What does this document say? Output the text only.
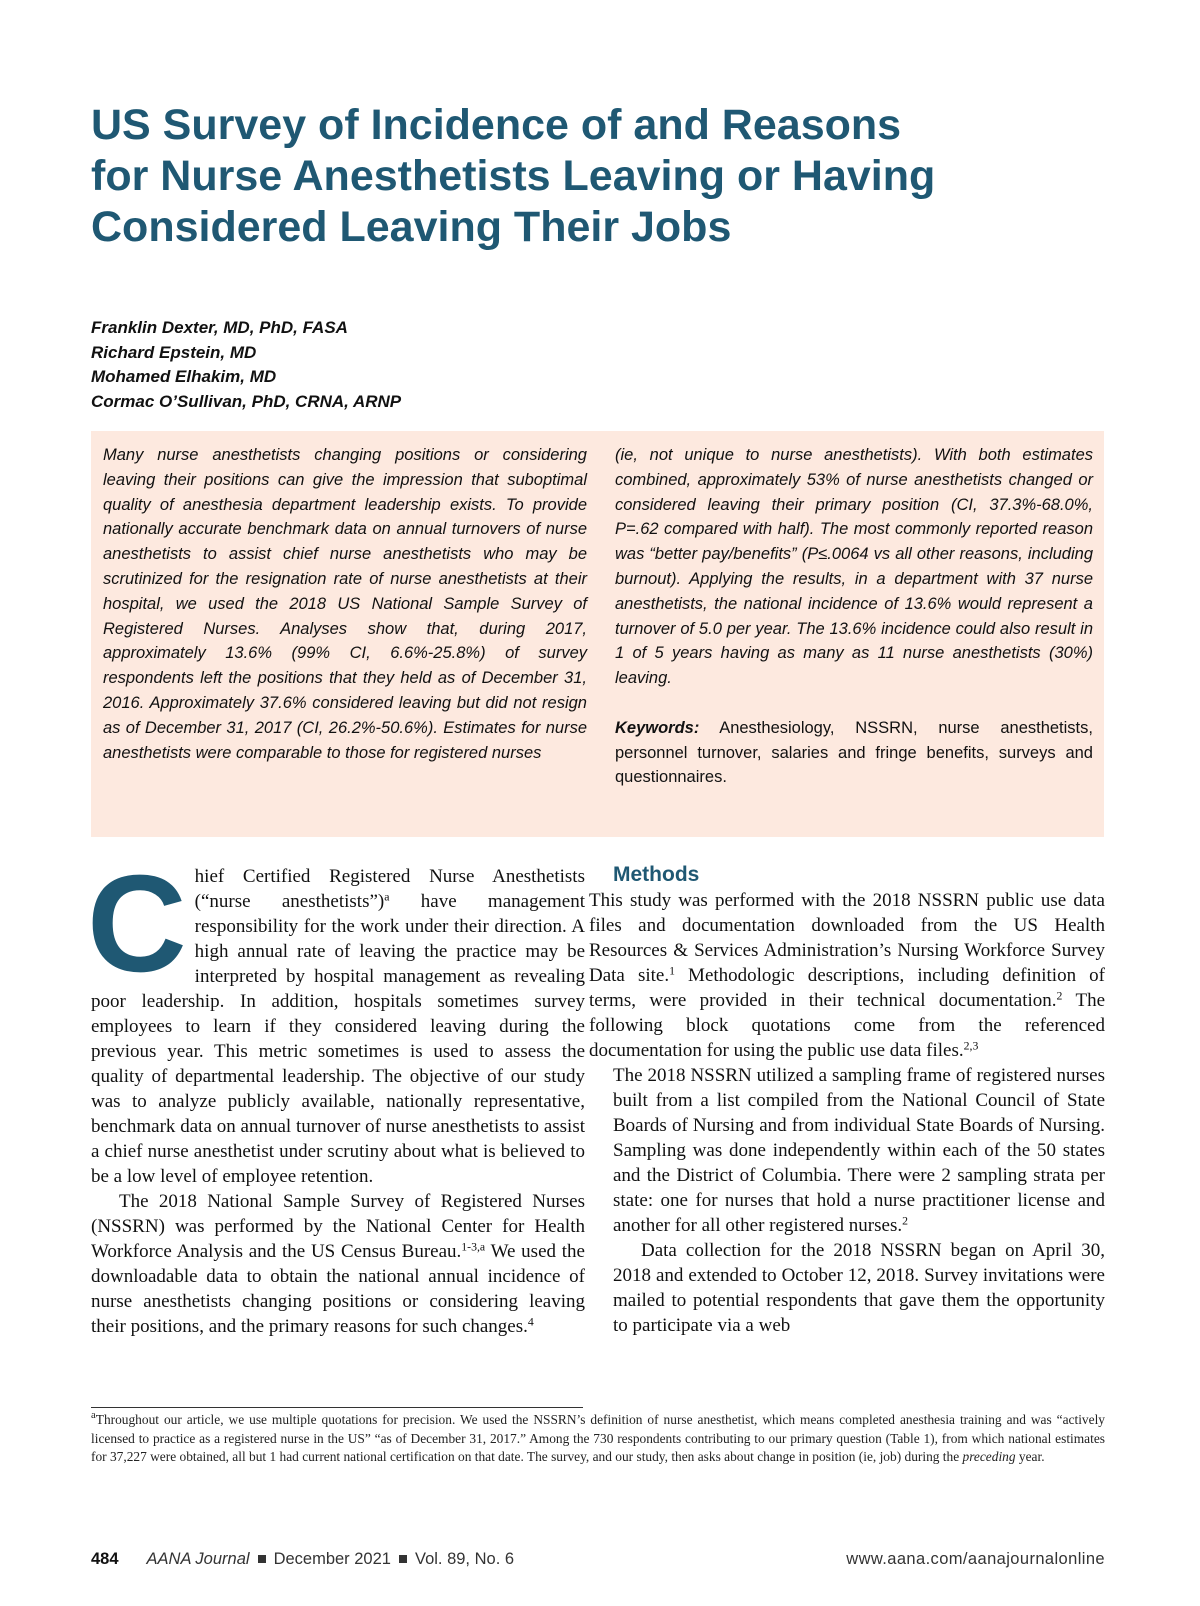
US Survey of Incidence of and Reasons
for Nurse Anesthetists Leaving or Having
Considered Leaving Their Jobs
Franklin Dexter, MD, PhD, FASA
Richard Epstein, MD
Mohamed Elhakim, MD
Cormac O’Sullivan, PhD, CRNA, ARNP

Many nurse anesthetists changing positions or considering leaving their positions can give the impression that suboptimal quality of anesthesia department leadership exists. To provide nationally accurate benchmark data on annual turnovers of nurse anesthetists to assist chief nurse anesthetists who may be scrutinized for the resignation rate of nurse anesthetists at their hospital, we used the 2018 US National Sample Survey of Registered Nurses. Analyses show that, during 2017, approximately 13.6% (99% CI, 6.6%-25.8%) of survey respondents left the positions that they held as of December 31, 2016. Approximately 37.6% considered leaving but did not resign as of December 31, 2017 (CI, 26.2%-50.6%). Estimates for nurse anesthetists were comparable to those for registered nurses

(ie, not unique to nurse anesthetists). With both estimates combined, approximately 53% of nurse anesthetists changed or considered leaving their primary position (CI, 37.3%-68.0%, P=.62 compared with half). The most commonly reported reason was “better pay/benefits” (P≤.0064 vs all other reasons, including burnout). Applying the results, in a department with 37 nurse anesthetists, the national incidence of 13.6% would represent a turnover of 5.0 per year. The 13.6% incidence could also result in 1 of 5 years having as many as 11 nurse anesthetists (30%) leaving.

Keywords: Anesthesiology, NSSRN, nurse anesthetists, personnel turnover, salaries and fringe benefits, surveys and questionnaires.

C hief Certified Registered Nurse Anesthetists (“nurse anesthetists”)$^a$ have management responsibility for the work under their direction. A high annual rate of leaving the practice may be interpreted by hospital management as revealing poor leadership. In addition, hospitals sometimes survey employees to learn if they considered leaving during the previous year. This metric sometimes is used to assess the quality of departmental leadership. The objective of our study was to analyze publicly available, nationally representative, benchmark data on annual turnover of nurse anesthetists to assist a chief nurse anesthetist under scrutiny about what is believed to be a low level of employee retention.

The 2018 National Sample Survey of Registered Nurses (NSSRN) was performed by the National Center for Health Workforce Analysis and the US Census Bureau.$^{1-3,a}$ We used the downloadable data to obtain the national annual incidence of nurse anesthetists changing positions or considering leaving their positions, and the primary reasons for such changes.$^4$

Methods

This study was performed with the 2018 NSSRN public use data files and documentation downloaded from the US Health Resources & Services Administration’s Nursing Workforce Survey Data site.$^1$ Methodologic descriptions, including definition of terms, were provided in their technical documentation.$^2$ The following block quotations come from the referenced documentation for using the public use data files.$^{2,3}$

The 2018 NSSRN utilized a sampling frame of registered nurses built from a list compiled from the National Council of State Boards of Nursing and from individual State Boards of Nursing. Sampling was done independently within each of the 50 states and the District of Columbia. There were 2 sampling strata per state: one for nurses that hold a nurse practitioner license and another for all other registered nurses.$^2$

Data collection for the 2018 NSSRN began on April 30, 2018 and extended to October 12, 2018. Survey invitations were mailed to potential respondents that gave them the opportunity to participate via a web

$^a$Throughout our article, we use multiple quotations for precision. We used the NSSRN’s definition of nurse anesthetist, which means completed anesthesia training and was “actively licensed to practice as a registered nurse in the US” “as of December 31, 2017.” Among the 730 respondents contributing to our primary question (Table 1), from which national estimates for 37,227 were obtained, all but 1 had current national certification on that date. The survey, and our study, then asks about change in position (ie, job) during the preceding year.

484 AANA Journal December 2021 Vol. 89, No. 6	www.aana.com/aanajournalonline
